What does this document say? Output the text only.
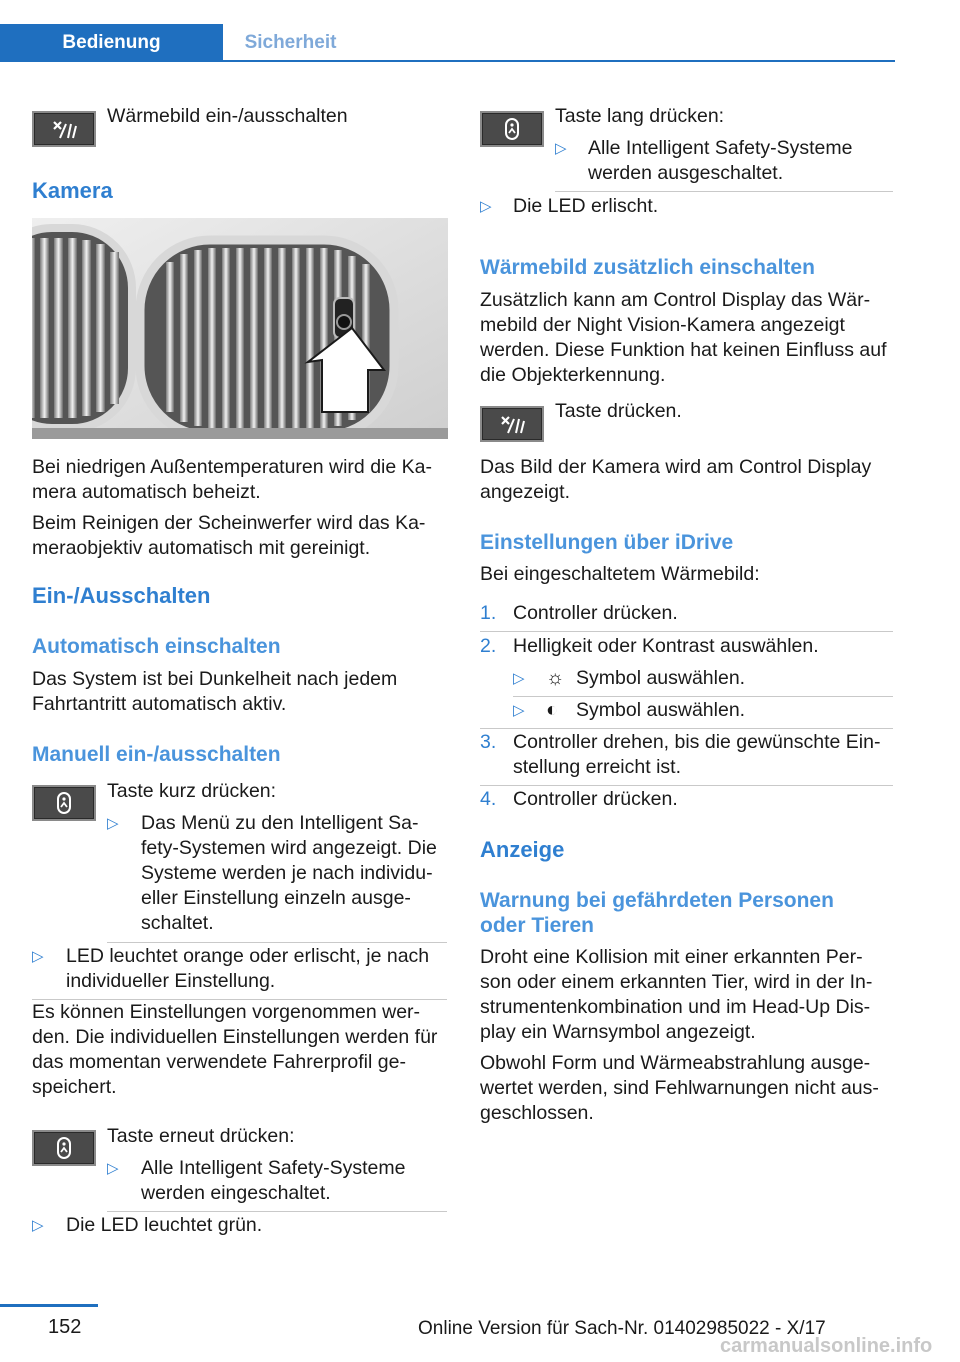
Bedienung	Sicherheit
Wärmebild ein-/ausschalten
Kamera
Bei niedrigen Außentemperaturen wird die Ka‐
mera automatisch beheizt.
Beim Reinigen der Scheinwerfer wird das Ka‐
meraobjektiv automatisch mit gereinigt.
Ein-/Ausschalten
Automatisch einschalten
Das System ist bei Dunkelheit nach jedem
Fahrtantritt automatisch aktiv.
Manuell ein-/ausschalten
Taste kurz drücken:
▷ Das Menü zu den Intelligent Sa‐
fety-Systemen wird angezeigt. Die
Systeme werden je nach individu‐
eller Einstellung einzeln ausge‐
schaltet.
▷ LED leuchtet orange oder erlischt, je nach
individueller Einstellung.
Es können Einstellungen vorgenommen wer‐
den. Die individuellen Einstellungen werden für
das momentan verwendete Fahrerprofil ge‐
speichert.
Taste erneut drücken:
▷ Alle Intelligent Safety-Systeme
werden eingeschaltet.
▷ Die LED leuchtet grün.
Taste lang drücken:
▷ Alle Intelligent Safety-Systeme
werden ausgeschaltet.
▷ Die LED erlischt.
Wärmebild zusätzlich einschalten
Zusätzlich kann am Control Display das Wär‐
mebild der Night Vision-Kamera angezeigt
werden. Diese Funktion hat keinen Einfluss auf
die Objekterkennung.
Taste drücken.
Das Bild der Kamera wird am Control Display
angezeigt.
Einstellungen über iDrive
Bei eingeschaltetem Wärmebild:
1. Controller drücken.
2. Helligkeit oder Kontrast auswählen.
▷ ☼ Symbol auswählen.
▷ ◐ Symbol auswählen.
3. Controller drehen, bis die gewünschte Ein‐
stellung erreicht ist.
4. Controller drücken.
Anzeige
Warnung bei gefährdeten Personen
oder Tieren
Droht eine Kollision mit einer erkannten Per‐
son oder einem erkannten Tier, wird in der In‐
strumentenkombination und im Head-Up Dis‐
play ein Warnsymbol angezeigt.
Obwohl Form und Wärmeabstrahlung ausge‐
wertet werden, sind Fehlwarnungen nicht aus‐
geschlossen.
152	Online Version für Sach-Nr. 01402985022 - X/17
carmanualsonline.info
